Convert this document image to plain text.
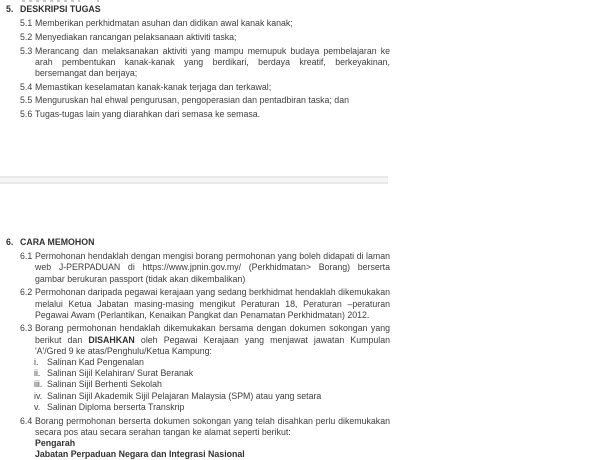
5. DESKRIPSI TUGAS
5.1 Memberikan perkhidmatan asuhan dan didikan awal kanak kanak;
5.2 Menyediakan rancangan pelaksanaan aktiviti taska;
5.3 Merancang dan melaksanakan aktiviti yang mampu memupuk budaya pembelajaran ke arah pembentukan kanak-kanak yang berdikari, berdaya kreatif, berkeyakinan, bersemangat dan berjaya;
5.4 Memastikan keselamatan kanak-kanak terjaga dan terkawal;
5.5 Menguruskan hal ehwal pengurusan, pengoperasian dan pentadbiran taska; dan
5.6 Tugas-tugas lain yang diarahkan dari semasa ke semasa.
6. CARA MEMOHON
6.1 Permohonan hendaklah dengan mengisi borang permohonan yang boleh didapati di laman web J-PERPADUAN di https://www.jpnin.gov.my/ (Perkhidmatan> Borang) berserta gambar berukuran passport (tidak akan dikembalikan)
6.2 Permohonan daripada pegawai kerajaan yang sedang berkhidmat hendaklah dikemukakan melalui Ketua Jabatan masing-masing mengikut Peraturan 18, Peraturan –peraturan Pegawai Awam (Perlantikan, Kenaikan Pangkat dan Penamatan Perkhidmatan) 2012.
6.3 Borang permohonan hendaklah dikemukakan bersama dengan dokumen sokongan yang berikut dan DISAHKAN oleh Pegawai Kerajaan yang menjawat jawatan Kumpulan 'A'/Gred 9 ke atas/Penghulu/Ketua Kampung:
i. Salinan Kad Pengenalan
ii. Salinan Sijil Kelahiran/ Surat Beranak
iii. Salinan Sijil Berhenti Sekolah
iv. Salinan Sijil Akademik Sijil Pelajaran Malaysia (SPM) atau yang setara
v. Salinan Diploma berserta Transkrip
6.4 Borang permohonan berserta dokumen sokongan yang telah disahkan perlu dikemukakan secara pos atau secara serahan tangan ke alamat seperti berikut:
Pengarah
Jabatan Perpaduan Negara dan Integrasi Nasional
